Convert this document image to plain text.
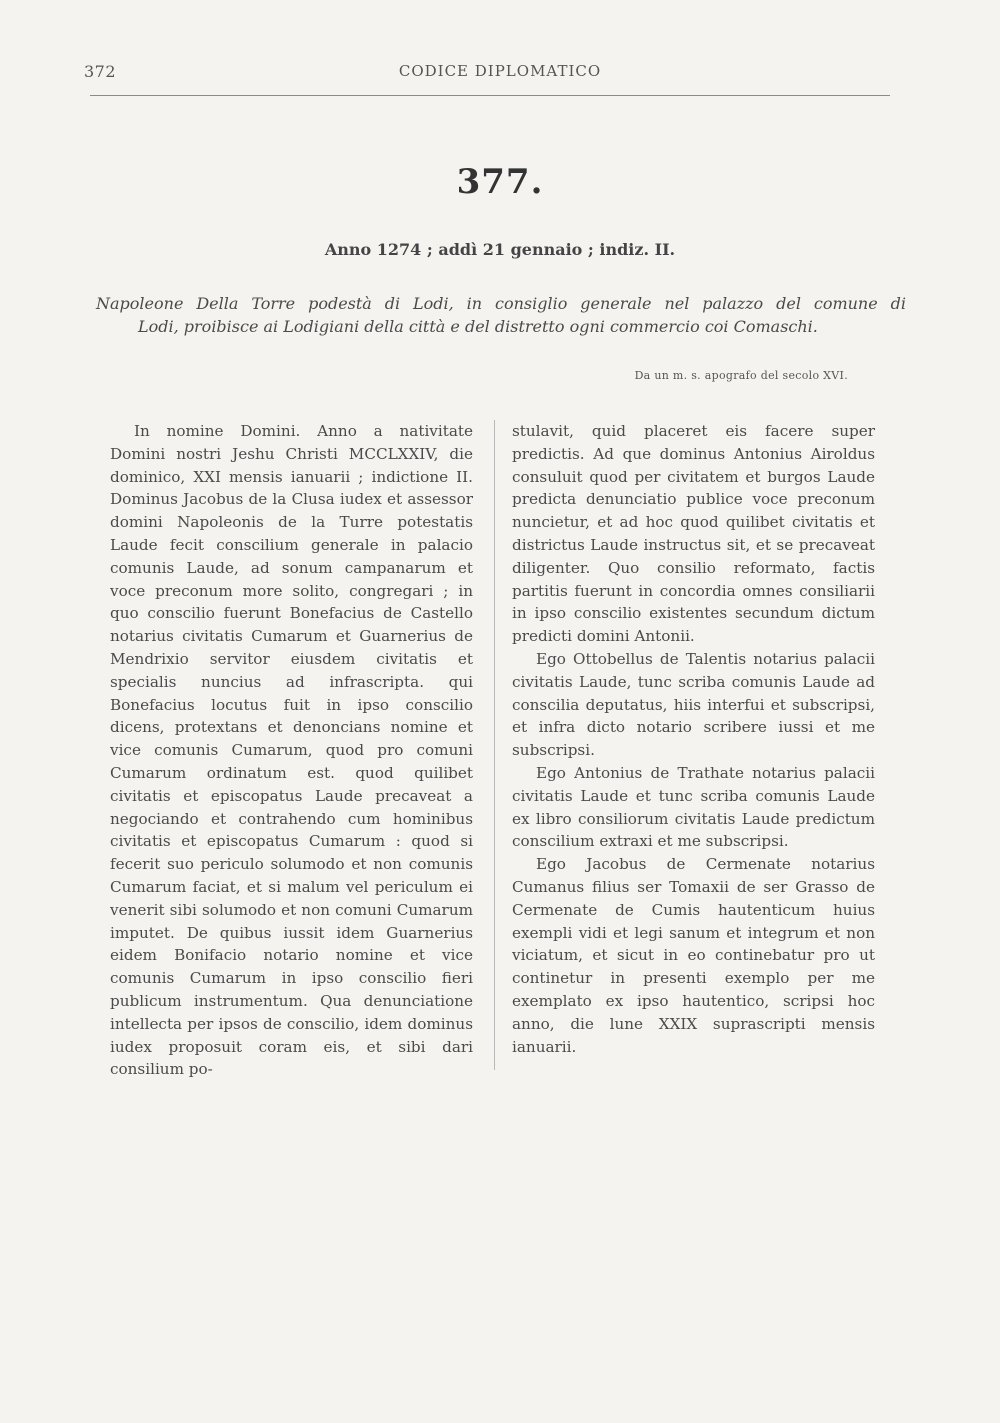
372	CODICE DIPLOMATICO
377.
Anno 1274 ; addì 21 gennaio ; indiz. II.

Napoleone Della Torre podestà di Lodi, in consiglio generale nel palazzo del comune di
Lodi, proibisce ai Lodigiani della città e del distretto ogni commercio coi Comaschi.

Da un m. s. apografo del secolo XVI.

In nomine Domini. Anno a nativitate Domini nostri Jeshu Christi MCCLXXIV, die dominico, XXI mensis ianuarii ; indictione II. Dominus Jacobus de la Clusa iudex et assessor domini Napoleonis de la Turre potestatis Laude fecit conscilium generale in palacio comunis Laude, ad sonum campanarum et voce preconum more solito, congregari ; in quo conscilio fuerunt Bonefacius de Castello notarius civitatis Cumarum et Guarnerius de Mendrixio servitor eiusdem civitatis et specialis nuncius ad infrascripta. qui Bonefacius locutus fuit in ipso conscilio dicens, protextans et denoncians nomine et vice comunis Cumarum, quod pro comuni Cumarum ordinatum est. quod quilibet civitatis et episcopatus Laude precaveat a negociando et contrahendo cum hominibus civitatis et episcopatus Cumarum : quod si fecerit suo periculo solumodo et non comunis Cumarum faciat, et si malum vel periculum ei venerit sibi solumodo et non comuni Cumarum imputet. De quibus iussit idem Guarnerius eidem Bonifacio notario nomine et vice comunis Cumarum in ipso conscilio fieri publicum instrumentum. Qua denunciatione intellecta per ipsos de conscilio, idem dominus iudex proposuit coram eis, et sibi dari consilium po-

stulavit, quid placeret eis facere super predictis. Ad que dominus Antonius Airoldus consuluit quod per civitatem et burgos Laude predicta denunciatio publice voce preconum nuncietur, et ad hoc quod quilibet civitatis et districtus Laude instructus sit, et se precaveat diligenter. Quo consilio reformato, factis partitis fuerunt in concordia omnes consiliarii in ipso conscilio existentes secundum dictum predicti domini Antonii.

Ego Ottobellus de Talentis notarius palacii civitatis Laude, tunc scriba comunis Laude ad conscilia deputatus, hiis interfui et subscripsi, et infra dicto notario scribere iussi et me subscripsi.

Ego Antonius de Trathate notarius palacii civitatis Laude et tunc scriba comunis Laude ex libro consiliorum civitatis Laude predictum conscilium extraxi et me subscripsi.

Ego Jacobus de Cermenate notarius Cumanus filius ser Tomaxii de ser Grasso de Cermenate de Cumis hautenticum huius exempli vidi et legi sanum et integrum et non viciatum, et sicut in eo continebatur pro ut continetur in presenti exemplo per me exemplato ex ipso hautentico, scripsi hoc anno, die lune XXIX suprascripti mensis ianuarii.
